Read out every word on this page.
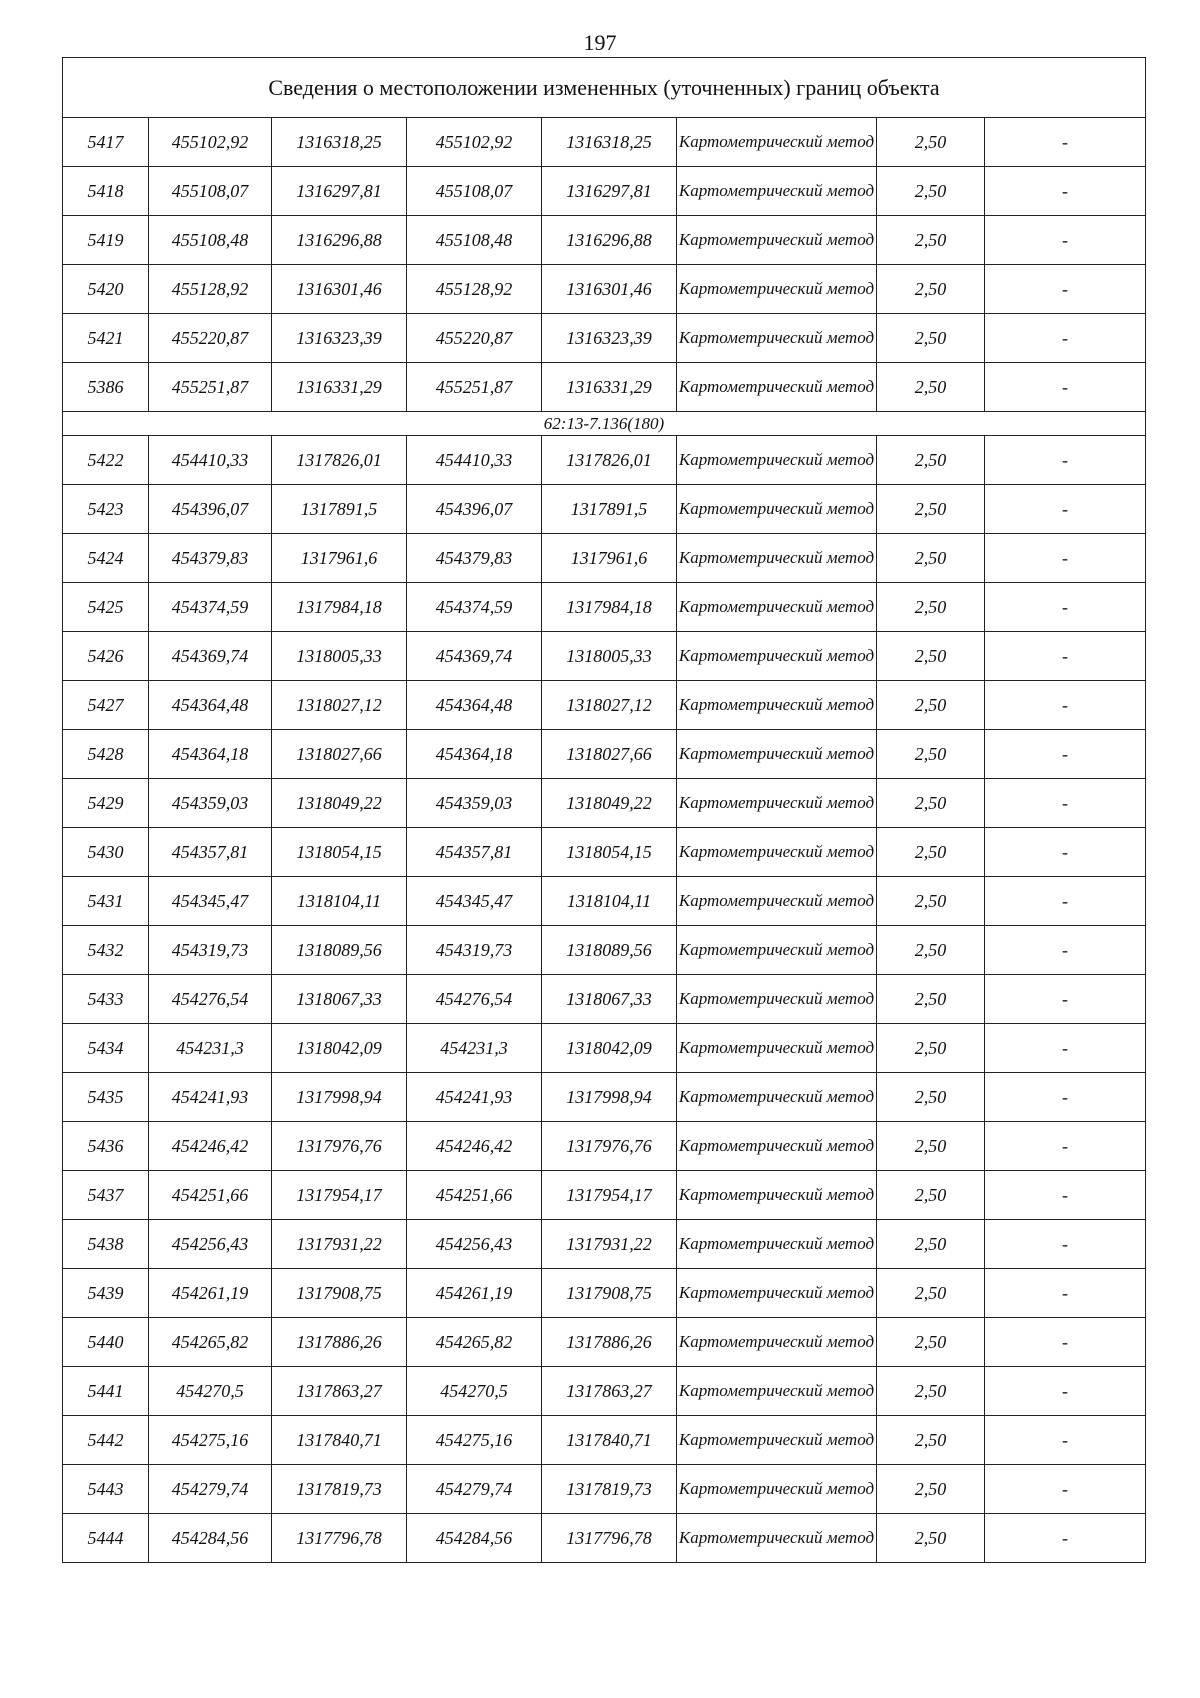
197
Сведения о местоположении измененных (уточненных) границ объекта							
5417	455102,92	1316318,25	455102,92	1316318,25	Картометрический метод	2,50	-
5418	455108,07	1316297,81	455108,07	1316297,81	Картометрический метод	2,50	-
5419	455108,48	1316296,88	455108,48	1316296,88	Картометрический метод	2,50	-
5420	455128,92	1316301,46	455128,92	1316301,46	Картометрический метод	2,50	-
5421	455220,87	1316323,39	455220,87	1316323,39	Картометрический метод	2,50	-
5386	455251,87	1316331,29	455251,87	1316331,29	Картометрический метод	2,50	-
62:13-7.136(180)							
5422	454410,33	1317826,01	454410,33	1317826,01	Картометрический метод	2,50	-
5423	454396,07	1317891,5	454396,07	1317891,5	Картометрический метод	2,50	-
5424	454379,83	1317961,6	454379,83	1317961,6	Картометрический метод	2,50	-
5425	454374,59	1317984,18	454374,59	1317984,18	Картометрический метод	2,50	-
5426	454369,74	1318005,33	454369,74	1318005,33	Картометрический метод	2,50	-
5427	454364,48	1318027,12	454364,48	1318027,12	Картометрический метод	2,50	-
5428	454364,18	1318027,66	454364,18	1318027,66	Картометрический метод	2,50	-
5429	454359,03	1318049,22	454359,03	1318049,22	Картометрический метод	2,50	-
5430	454357,81	1318054,15	454357,81	1318054,15	Картометрический метод	2,50	-
5431	454345,47	1318104,11	454345,47	1318104,11	Картометрический метод	2,50	-
5432	454319,73	1318089,56	454319,73	1318089,56	Картометрический метод	2,50	-
5433	454276,54	1318067,33	454276,54	1318067,33	Картометрический метод	2,50	-
5434	454231,3	1318042,09	454231,3	1318042,09	Картометрический метод	2,50	-
5435	454241,93	1317998,94	454241,93	1317998,94	Картометрический метод	2,50	-
5436	454246,42	1317976,76	454246,42	1317976,76	Картометрический метод	2,50	-
5437	454251,66	1317954,17	454251,66	1317954,17	Картометрический метод	2,50	-
5438	454256,43	1317931,22	454256,43	1317931,22	Картометрический метод	2,50	-
5439	454261,19	1317908,75	454261,19	1317908,75	Картометрический метод	2,50	-
5440	454265,82	1317886,26	454265,82	1317886,26	Картометрический метод	2,50	-
5441	454270,5	1317863,27	454270,5	1317863,27	Картометрический метод	2,50	-
5442	454275,16	1317840,71	454275,16	1317840,71	Картометрический метод	2,50	-
5443	454279,74	1317819,73	454279,74	1317819,73	Картометрический метод	2,50	-
5444	454284,56	1317796,78	454284,56	1317796,78	Картометрический метод	2,50	-
